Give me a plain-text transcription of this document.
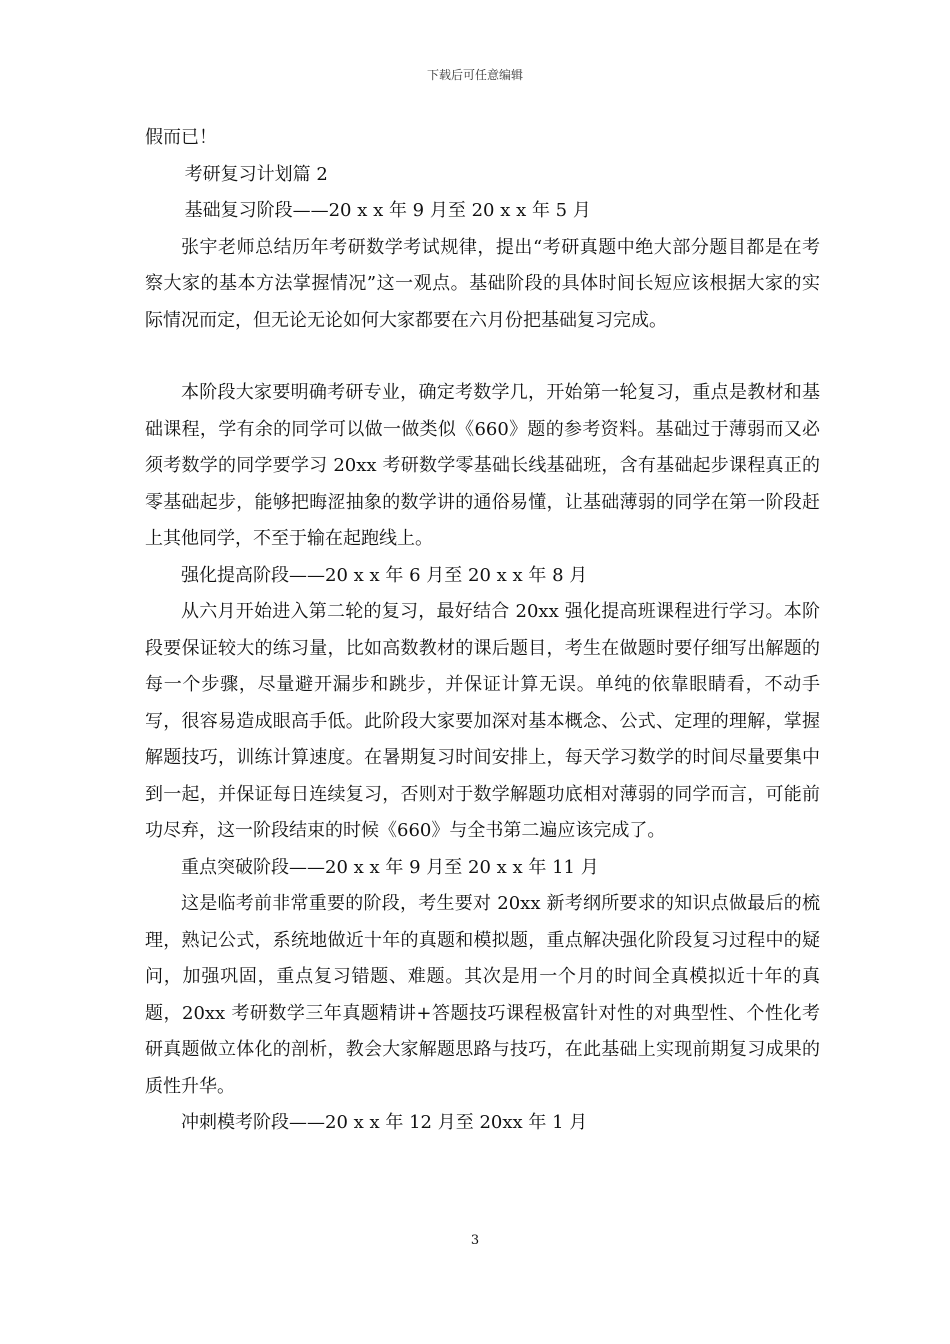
下载后可任意编辑

假而已！

考研复习计划篇 2

基础复习阶段——20 x x 年 9 月至 20 x x 年 5 月

张宇老师总结历年考研数学考试规律，提出“考研真题中绝大部分题目都是在考察大家的基本方法掌握情况”这一观点。基础阶段的具体时间长短应该根据大家的实际情况而定，但无论无论如何大家都要在六月份把基础复习完成。

本阶段大家要明确考研专业，确定考数学几，开始第一轮复习，重点是教材和基础课程，学有余的同学可以做一做类似《660》题的参考资料。基础过于薄弱而又必须考数学的同学要学习 20xx 考研数学零基础长线基础班，含有基础起步课程真正的零基础起步，能够把晦涩抽象的数学讲的通俗易懂，让基础薄弱的同学在第一阶段赶上其他同学，不至于输在起跑线上。

强化提高阶段——20 x x 年 6 月至 20 x x 年 8 月

从六月开始进入第二轮的复习，最好结合 20xx 强化提高班课程进行学习。本阶段要保证较大的练习量，比如高数教材的课后题目，考生在做题时要仔细写出解题的每一个步骤，尽量避开漏步和跳步，并保证计算无误。单纯的依靠眼睛看，不动手写，很容易造成眼高手低。此阶段大家要加深对基本概念、公式、定理的理解，掌握解题技巧，训练计算速度。在暑期复习时间安排上，每天学习数学的时间尽量要集中到一起，并保证每日连续复习，否则对于数学解题功底相对薄弱的同学而言，可能前功尽弃，这一阶段结束的时候《660》与全书第二遍应该完成了。

重点突破阶段——20 x x 年 9 月至 20 x x 年 11 月

这是临考前非常重要的阶段，考生要对 20xx 新考纲所要求的知识点做最后的梳理，熟记公式，系统地做近十年的真题和模拟题，重点解决强化阶段复习过程中的疑问，加强巩固，重点复习错题、难题。其次是用一个月的时间全真模拟近十年的真题，20xx 考研数学三年真题精讲+答题技巧课程极富针对性的对典型性、个性化考研真题做立体化的剖析，教会大家解题思路与技巧，在此基础上实现前期复习成果的质性升华。

冲刺模考阶段——20 x x 年 12 月至 20xx 年 1 月

3
